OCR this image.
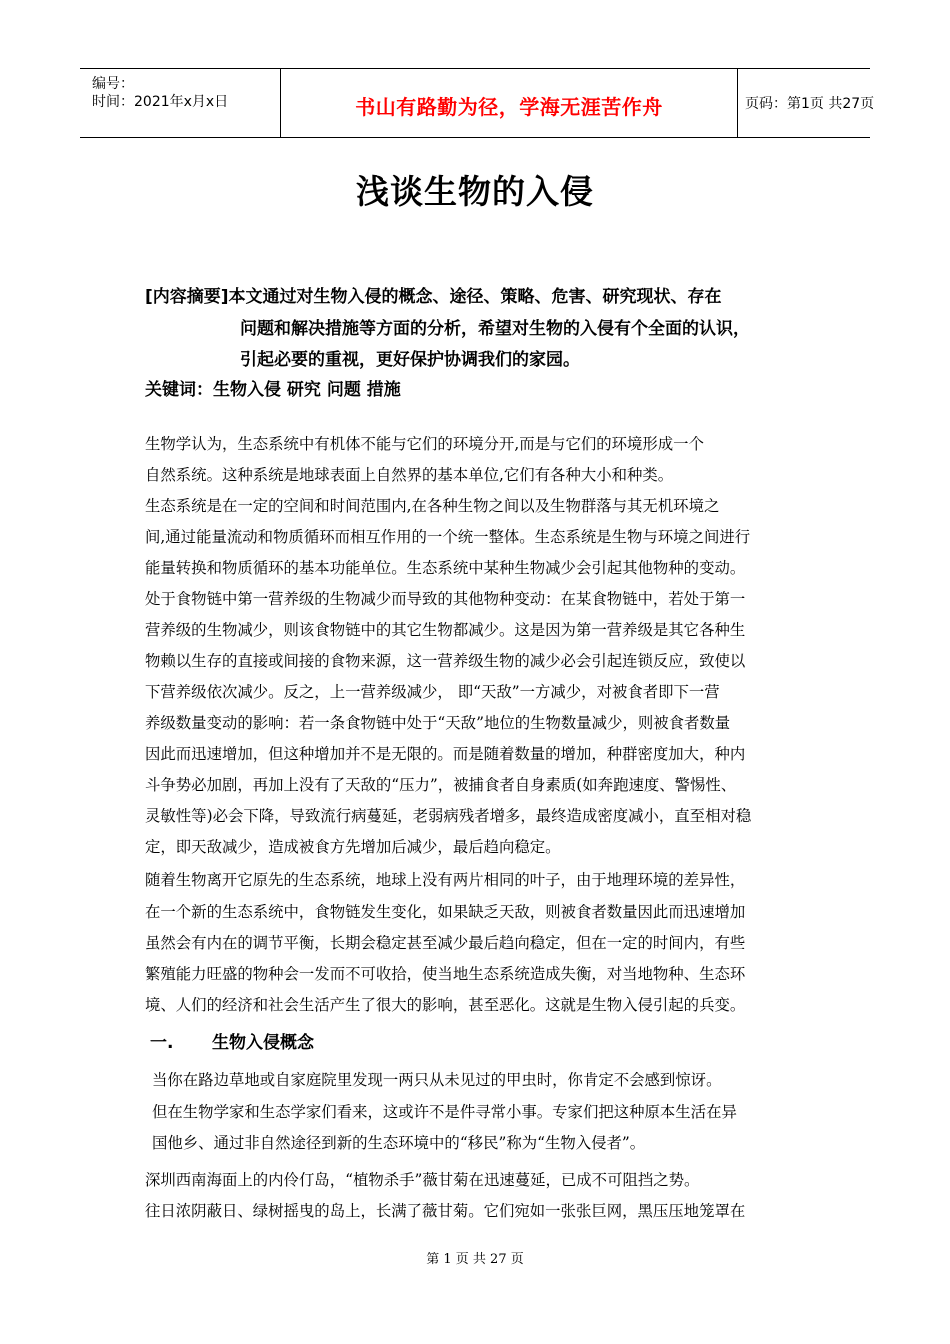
编号：
时间：2021年x月x日	书山有路勤为径，学海无涯苦作舟	页码：第1页 共27页
浅谈生物的入侵
[内容摘要]本文通过对生物入侵的概念、途径、策略、危害、研究现状、存在
问题和解决措施等方面的分析，希望对生物的入侵有个全面的认识，
引起必要的重视，更好保护协调我们的家园。
关键词：生物入侵 研究 问题 措施
生物学认为，生态系统中有机体不能与它们的环境分开,而是与它们的环境形成一个
自然系统。这种系统是地球表面上自然界的基本单位,它们有各种大小和种类。
生态系统是在一定的空间和时间范围内,在各种生物之间以及生物群落与其无机环境之
间,通过能量流动和物质循环而相互作用的一个统一整体。生态系统是生物与环境之间进行
能量转换和物质循环的基本功能单位。生态系统中某种生物减少会引起其他物种的变动。
处于食物链中第一营养级的生物减少而导致的其他物种变动：在某食物链中，若处于第一
营养级的生物减少，则该食物链中的其它生物都减少。这是因为第一营养级是其它各种生
物赖以生存的直接或间接的食物来源，这一营养级生物的减少必会引起连锁反应，致使以
下营养级依次减少。反之，上一营养级减少， 即“天敌”一方减少，对被食者即下一营
养级数量变动的影响：若一条食物链中处于“天敌”地位的生物数量减少，则被食者数量
因此而迅速增加，但这种增加并不是无限的。而是随着数量的增加，种群密度加大，种内
斗争势必加剧，再加上没有了天敌的“压力”，被捕食者自身素质(如奔跑速度、警惕性、
灵敏性等)必会下降，导致流行病蔓延，老弱病残者增多，最终造成密度减小，直至相对稳
定，即天敌减少，造成被食方先增加后减少，最后趋向稳定。
随着生物离开它原先的生态系统，地球上没有两片相同的叶子，由于地理环境的差异性，
在一个新的生态系统中，食物链发生变化，如果缺乏天敌，则被食者数量因此而迅速增加
虽然会有内在的调节平衡，长期会稳定甚至减少最后趋向稳定，但在一定的时间内，有些
繁殖能力旺盛的物种会一发而不可收拾，使当地生态系统造成失衡，对当地物种、生态环
境、人们的经济和社会生活产生了很大的影响，甚至恶化。这就是生物入侵引起的兵变。
一. 生物入侵概念
当你在路边草地或自家庭院里发现一两只从未见过的甲虫时，你肯定不会感到惊讶。
但在生物学家和生态学家们看来，这或许不是件寻常小事。专家们把这种原本生活在异
国他乡、通过非自然途径到新的生态环境中的“移民”称为“生物入侵者”。
深圳西南海面上的内伶仃岛，“植物杀手”薇甘菊在迅速蔓延，已成不可阻挡之势。
往日浓阴蔽日、绿树摇曳的岛上，长满了薇甘菊。它们宛如一张张巨网，黑压压地笼罩在
第 1 页 共 27 页
